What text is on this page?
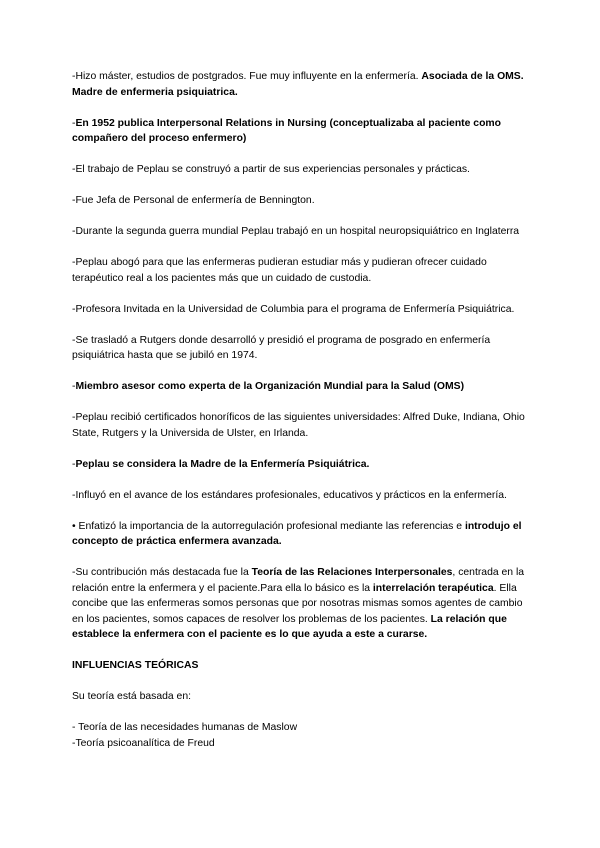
-Hizo máster, estudios de postgrados. Fue muy influyente en la enfermería. Asociada de la OMS. Madre de enfermeria psiquiatrica.

-En 1952 publica Interpersonal Relations in Nursing (conceptualizaba al paciente como compañero del proceso enfermero)

-El trabajo de Peplau se construyó a partir de sus experiencias personales y prácticas.

-Fue Jefa de Personal de enfermería de Bennington.

-Durante la segunda guerra mundial Peplau trabajó en un hospital neuropsiquiátrico en Inglaterra

-Peplau abogó para que las enfermeras pudieran estudiar más y pudieran ofrecer cuidado terapéutico real a los pacientes más que un cuidado de custodia.

-Profesora Invitada en la Universidad de Columbia para el programa de Enfermería Psiquiátrica.

-Se trasladó a Rutgers donde desarrolló y presidió el programa de posgrado en enfermería psiquiátrica hasta que se jubiló en 1974.

-Miembro asesor como experta de la Organización Mundial para la Salud (OMS)

-Peplau recibió certificados honoríficos de las siguientes universidades: Alfred Duke, Indiana, Ohio State, Rutgers y la Universida de Ulster, en Irlanda.

-Peplau se considera la Madre de la Enfermería Psiquiátrica.

-Influyó en el avance de los estándares profesionales, educativos y prácticos en la enfermería.

• Enfatizó la importancia de la autorregulación profesional mediante las referencias e introdujo el concepto de práctica enfermera avanzada.

-Su contribución más destacada fue la Teoría de las Relaciones Interpersonales, centrada en la relación entre la enfermera y el paciente.Para ella lo básico es la interrelación terapéutica. Ella concibe que las enfermeras somos personas que por nosotras mismas somos agentes de cambio en los pacientes, somos capaces de resolver los problemas de los pacientes. La relación que establece la enfermera con el paciente es lo que ayuda a este a curarse.

INFLUENCIAS TEÓRICAS

Su teoría está basada en:

- Teoría de las necesidades humanas de Maslow

-Teoría psicoanalítica de Freud
